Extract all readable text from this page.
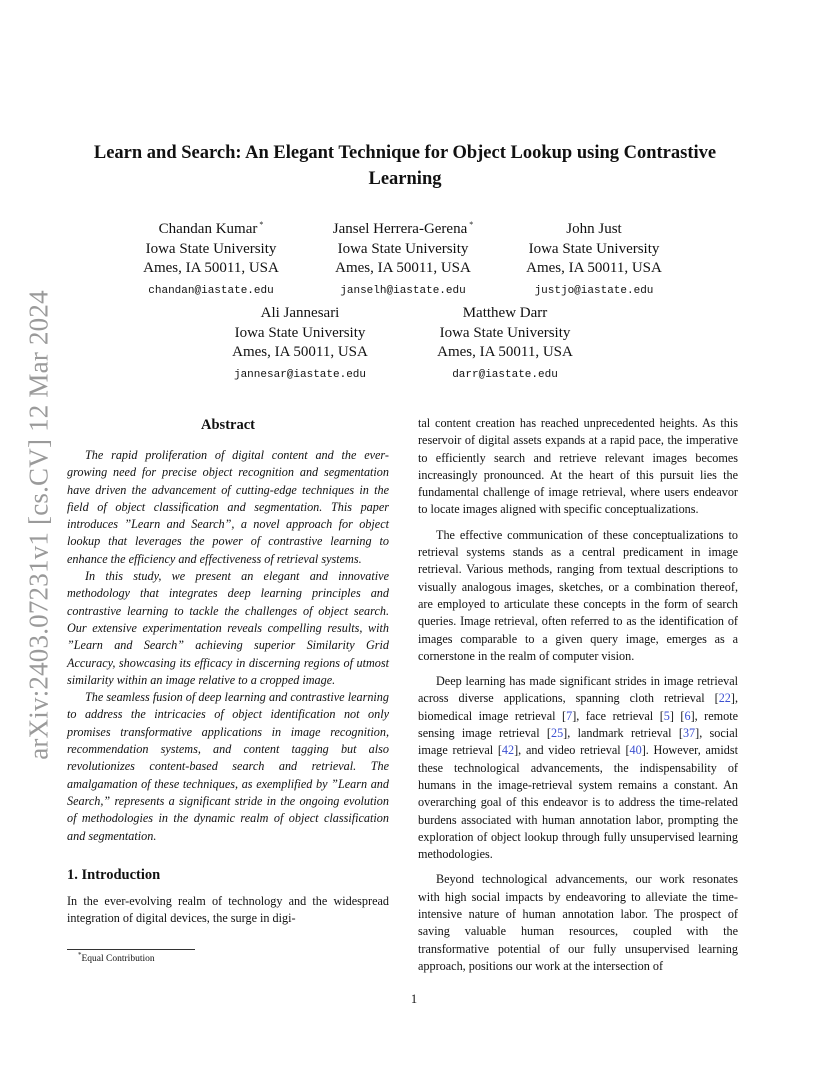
arXiv:2403.07231v1 [cs.CV] 12 Mar 2024
Learn and Search: An Elegant Technique for Object Lookup using Contrastive
Learning
Chandan Kumar *
Iowa State University
Ames, IA 50011, USA
chandan@iastate.edu
Jansel Herrera-Gerena *
Iowa State University
Ames, IA 50011, USA
janselh@iastate.edu
John Just
Iowa State University
Ames, IA 50011, USA
justjo@iastate.edu
Ali Jannesari
Iowa State University
Ames, IA 50011, USA
jannesar@iastate.edu
Matthew Darr
Iowa State University
Ames, IA 50011, USA
darr@iastate.edu
Abstract

The rapid proliferation of digital content and the ever-growing need for precise object recognition and segmentation have driven the advancement of cutting-edge techniques in the field of object classification and segmentation. This paper introduces ”Learn and Search”, a novel approach for object lookup that leverages the power of contrastive learning to enhance the efficiency and effectiveness of retrieval systems.

In this study, we present an elegant and innovative methodology that integrates deep learning principles and contrastive learning to tackle the challenges of object search. Our extensive experimentation reveals compelling results, with ”Learn and Search” achieving superior Similarity Grid Accuracy, showcasing its efficacy in discerning regions of utmost similarity within an image relative to a cropped image.

The seamless fusion of deep learning and contrastive learning to address the intricacies of object identification not only promises transformative applications in image recognition, recommendation systems, and content tagging but also revolutionizes content-based search and retrieval. The amalgamation of these techniques, as exemplified by ”Learn and Search,” represents a significant stride in the ongoing evolution of methodologies in the dynamic realm of object classification and segmentation.

1. Introduction

In the ever-evolving realm of technology and the widespread integration of digital devices, the surge in digi-

tal content creation has reached unprecedented heights. As this reservoir of digital assets expands at a rapid pace, the imperative to efficiently search and retrieve relevant images becomes increasingly pronounced. At the heart of this pursuit lies the fundamental challenge of image retrieval, where users endeavor to locate images aligned with specific conceptualizations.

The effective communication of these conceptualizations to retrieval systems stands as a central predicament in image retrieval. Various methods, ranging from textual descriptions to visually analogous images, sketches, or a combination thereof, are employed to articulate these concepts in the form of search queries. Image retrieval, often referred to as the identification of images comparable to a given query image, emerges as a cornerstone in the realm of computer vision.

Deep learning has made significant strides in image retrieval across diverse applications, spanning cloth retrieval [22], biomedical image retrieval [7], face retrieval [5] [6], remote sensing image retrieval [25], landmark retrieval [37], social image retrieval [42], and video retrieval [40]. However, amidst these technological advancements, the indispensability of humans in the image-retrieval system remains a constant. An overarching goal of this endeavor is to address the time-related burdens associated with human annotation labor, prompting the exploration of object lookup through fully unsupervised learning methodologies.

Beyond technological advancements, our work resonates with high social impacts by endeavoring to alleviate the time-intensive nature of human annotation labor. The prospect of saving valuable human resources, coupled with the transformative potential of our fully unsupervised learning approach, positions our work at the intersection of

*Equal Contribution
1
